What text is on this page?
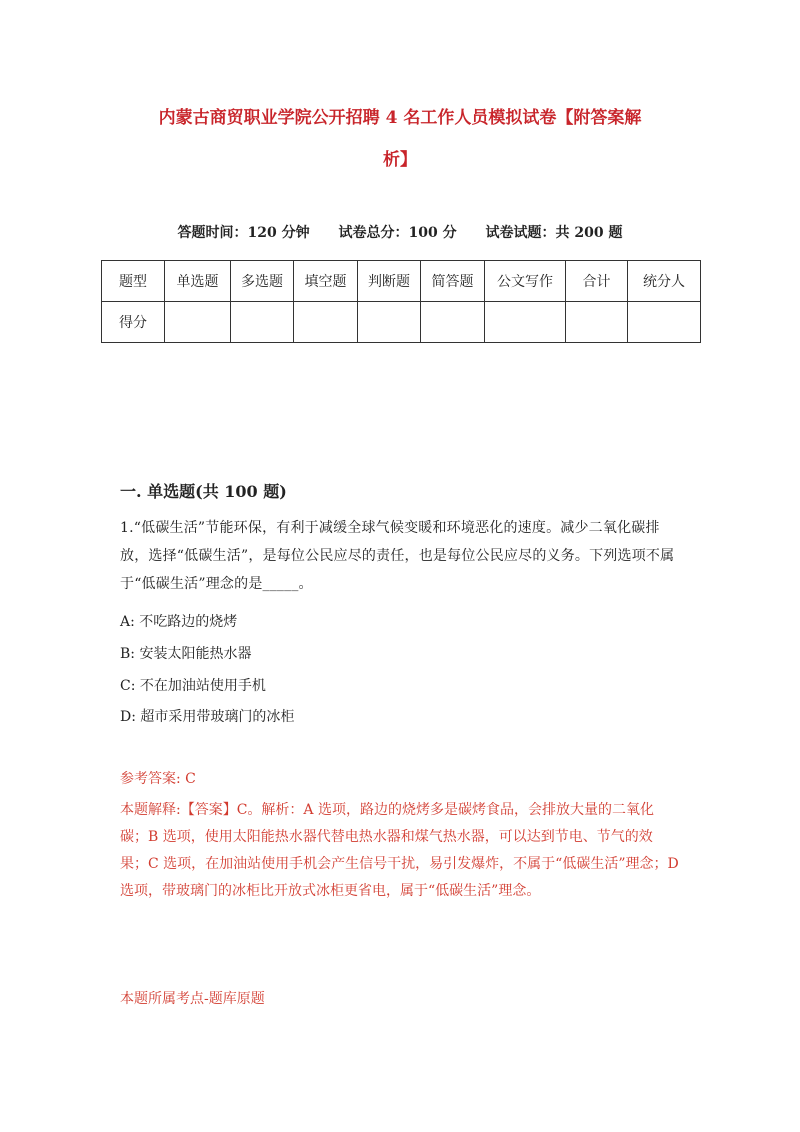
内蒙古商贸职业学院公开招聘 4 名工作人员模拟试卷【附答案解
析】
答题时间：120 分钟 试卷总分：100 分 试卷试题：共 200 题
题型	单选题	多选题	填空题	判断题	简答题	公文写作	合计	统分人
得分								
一. 单选题(共 100 题)
1.“低碳生活”节能环保，有利于减缓全球气候变暖和环境恶化的速度。减少二氧化碳排放，选择“低碳生活”，是每位公民应尽的责任，也是每位公民应尽的义务。下列选项不属于“低碳生活”理念的是_____。
A: 不吃路边的烧烤
B: 安装太阳能热水器
C: 不在加油站使用手机
D: 超市采用带玻璃门的冰柜
参考答案: C
本题解释:【答案】C。解析：A 选项，路边的烧烤多是碳烤食品，会排放大量的二氧化碳；B 选项，使用太阳能热水器代替电热水器和煤气热水器，可以达到节电、节气的效果；C 选项，在加油站使用手机会产生信号干扰，易引发爆炸，不属于“低碳生活”理念；D 选项，带玻璃门的冰柜比开放式冰柜更省电，属于“低碳生活”理念。
本题所属考点-题库原题
